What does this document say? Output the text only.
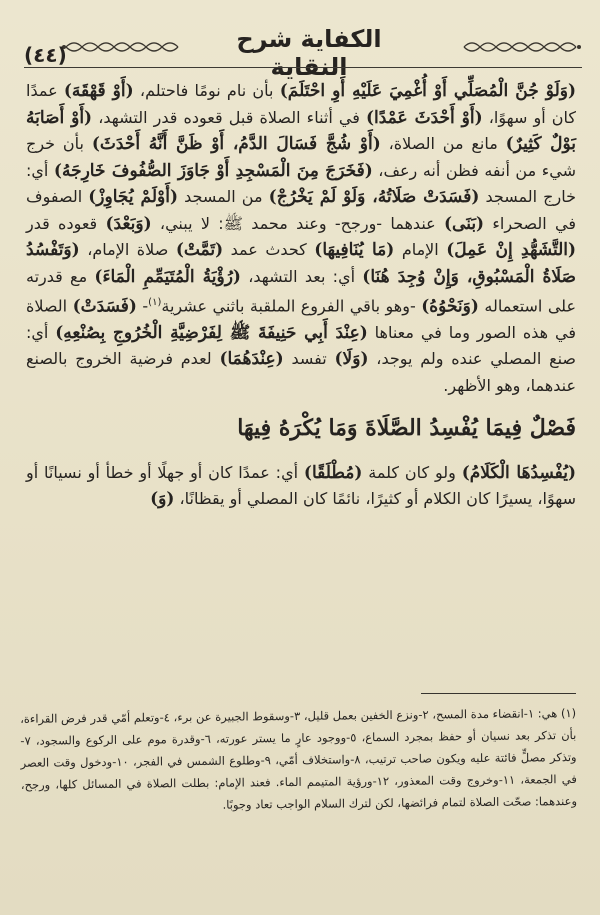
الكفاية شرح النقاية
(٤٤)

(وَلَوْ جُنَّ الْمُصَلِّي أَوْ أُغْمِيَ عَلَيْهِ أَوِ احْتَلَمَ) بأن نام نومًا فاحتلم، (أَوْ قَهْقَهَ) عمدًا كان أو سهوًا، (أَوْ أَحْدَثَ عَمْدًا) في أثناء الصلاة قبل قعوده قدر التشهد، (أَوْ أَصَابَهُ بَوْلٌ كَثِيرٌ) مانع من الصلاة، (أَوْ شُجَّ فَسَالَ الدَّمُ، أَوْ ظَنَّ أَنَّهُ أَحْدَثَ) بأن خرج شيء من أنفه فظن أنه رعف، (فَخَرَجَ مِنَ الْمَسْجِدِ أَوْ جَاوَزَ الصُّفُوفَ خَارِجَهُ) أي: خارج المسجد (فَسَدَتْ صَلَاتُهُ، وَلَوْ لَمْ يَخْرُجْ) من المسجد (أَوْلَمْ يُجَاوِزْ) الصفوف في الصحراء (بَنَى) عندهما -ورجح- وعند محمد ﷺ: لا يبني، (وَبَعْدَ) قعوده قدر (التَّشَهُّدِ إِنْ عَمِلَ) الإمام (مَا يُنَافِيهَا) كحدث عمد (تَمَّتْ) صلاة الإمام، (وَتَفْسُدُ صَلَاةُ الْمَسْبُوقِ، وَإِنْ وُجِدَ هُنَا) أي: بعد التشهد، (رُؤْيَةُ الْمُتَيَمِّمِ الْمَاءَ) مع قدرته على استعماله (وَنَحْوُهُ) -وهو باقي الفروع الملقبة باثني عشرية$^{(١)}$- (فَسَدَتْ) الصلاة في هذه الصور وما في معناها (عِنْدَ أَبِي حَنِيفَةَ ﷺ لِفَرْضِيَّةِ الْخُرُوجِ بِصُنْعِهِ) أي: صنع المصلي عنده ولم يوجد، (وَلَا) تفسد (عِنْدَهُمَا) لعدم فرضية الخروج بالصنع عندهما، وهو الأظهر.

فَصْلٌ فِيمَا يُفْسِدُ الصَّلَاةَ وَمَا يُكْرَهُ فِيهَا

(يُفْسِدُهَا الْكَلَامُ) ولو كان كلمة (مُطْلَقًا) أي: عمدًا كان أو جهلًا أو خطأ أو نسيانًا أو سهوًا، يسيرًا كان الكلام أو كثيرًا، نائمًا كان المصلي أو يقظانًا، (وَ)

(١) هي: ١-انقضاء مدة المسح، ٢-ونزع الخفين بعمل قليل، ٣-وسقوط الجبيرة عن برء، ٤-وتعلم أمّي قدر فرض القراءة، بأن تذكر بعد نسيان أو حفظ بمجرد السماع، ٥-ووجود عارٍ ما يستر عورته، ٦-وقدرة موم على الركوع والسجود، ٧-وتذكر مصلٍّ فائتة عليه ويكون صاحب ترتيب، ٨-واستخلاف أمّي، ٩-وطلوع الشمس في الفجر، ١٠-ودخول وقت العصر في الجمعة، ١١-وخروج وقت المعذور، ١٢-ورؤية المتيمم الماء. فعند الإمام: بطلت الصلاة في المسائل كلها، ورجح، وعندهما: صحّت الصلاة لتمام فرائضها، لكن لترك السلام الواجب تعاد وجوبًا.
